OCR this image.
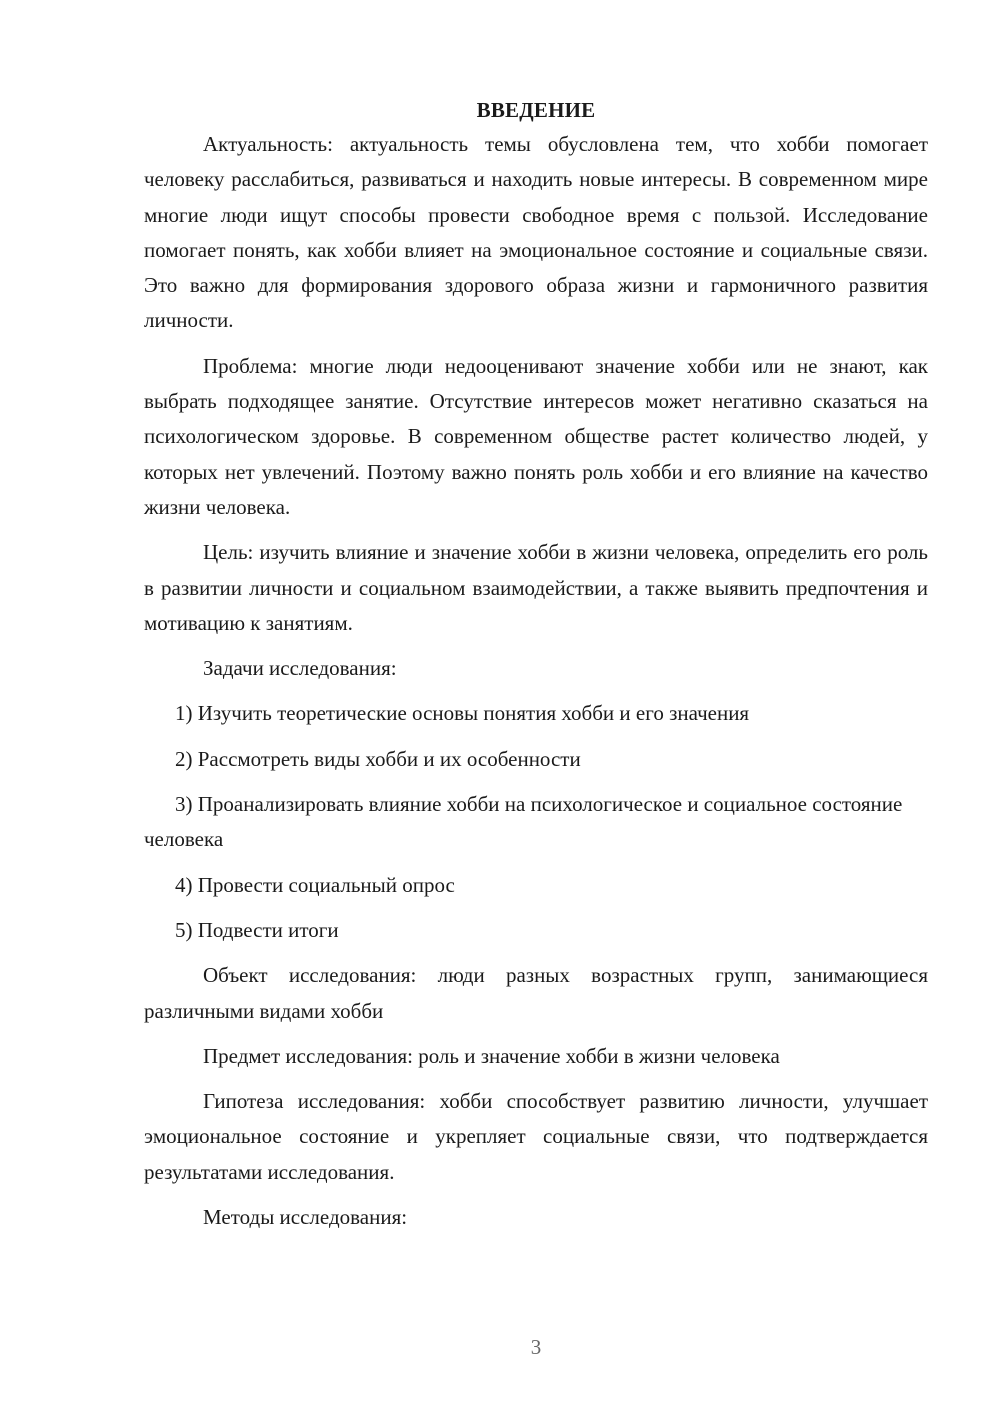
ВВЕДЕНИЕ

Актуальность: актуальность темы обусловлена тем, что хобби помогает человеку расслабиться, развиваться и находить новые интересы. В современном мире многие люди ищут способы провести свободное время с пользой. Исследование помогает понять, как хобби влияет на эмоциональное состояние и социальные связи. Это важно для формирования здорового образа жизни и гармоничного развития личности.

Проблема: многие люди недооценивают значение хобби или не знают, как выбрать подходящее занятие. Отсутствие интересов может негативно сказаться на психологическом здоровье. В современном обществе растет количество людей, у которых нет увлечений. Поэтому важно понять роль хобби и его влияние на качество жизни человека.

Цель: изучить влияние и значение хобби в жизни человека, определить его роль в развитии личности и социальном взаимодействии, а также выявить предпочтения и мотивацию к занятиям.

Задачи исследования:

1) Изучить теоретические основы понятия хобби и его значения

2) Рассмотреть виды хобби и их особенности

3) Проанализировать влияние хобби на психологическое и социальное состояние человека

4) Провести социальный опрос

5) Подвести итоги

Объект исследования: люди разных возрастных групп, занимающиеся различными видами хобби

Предмет исследования: роль и значение хобби в жизни человека

Гипотеза исследования: хобби способствует развитию личности, улучшает эмоциональное состояние и укрепляет социальные связи, что подтверждается результатами исследования.

Методы исследования:

3
